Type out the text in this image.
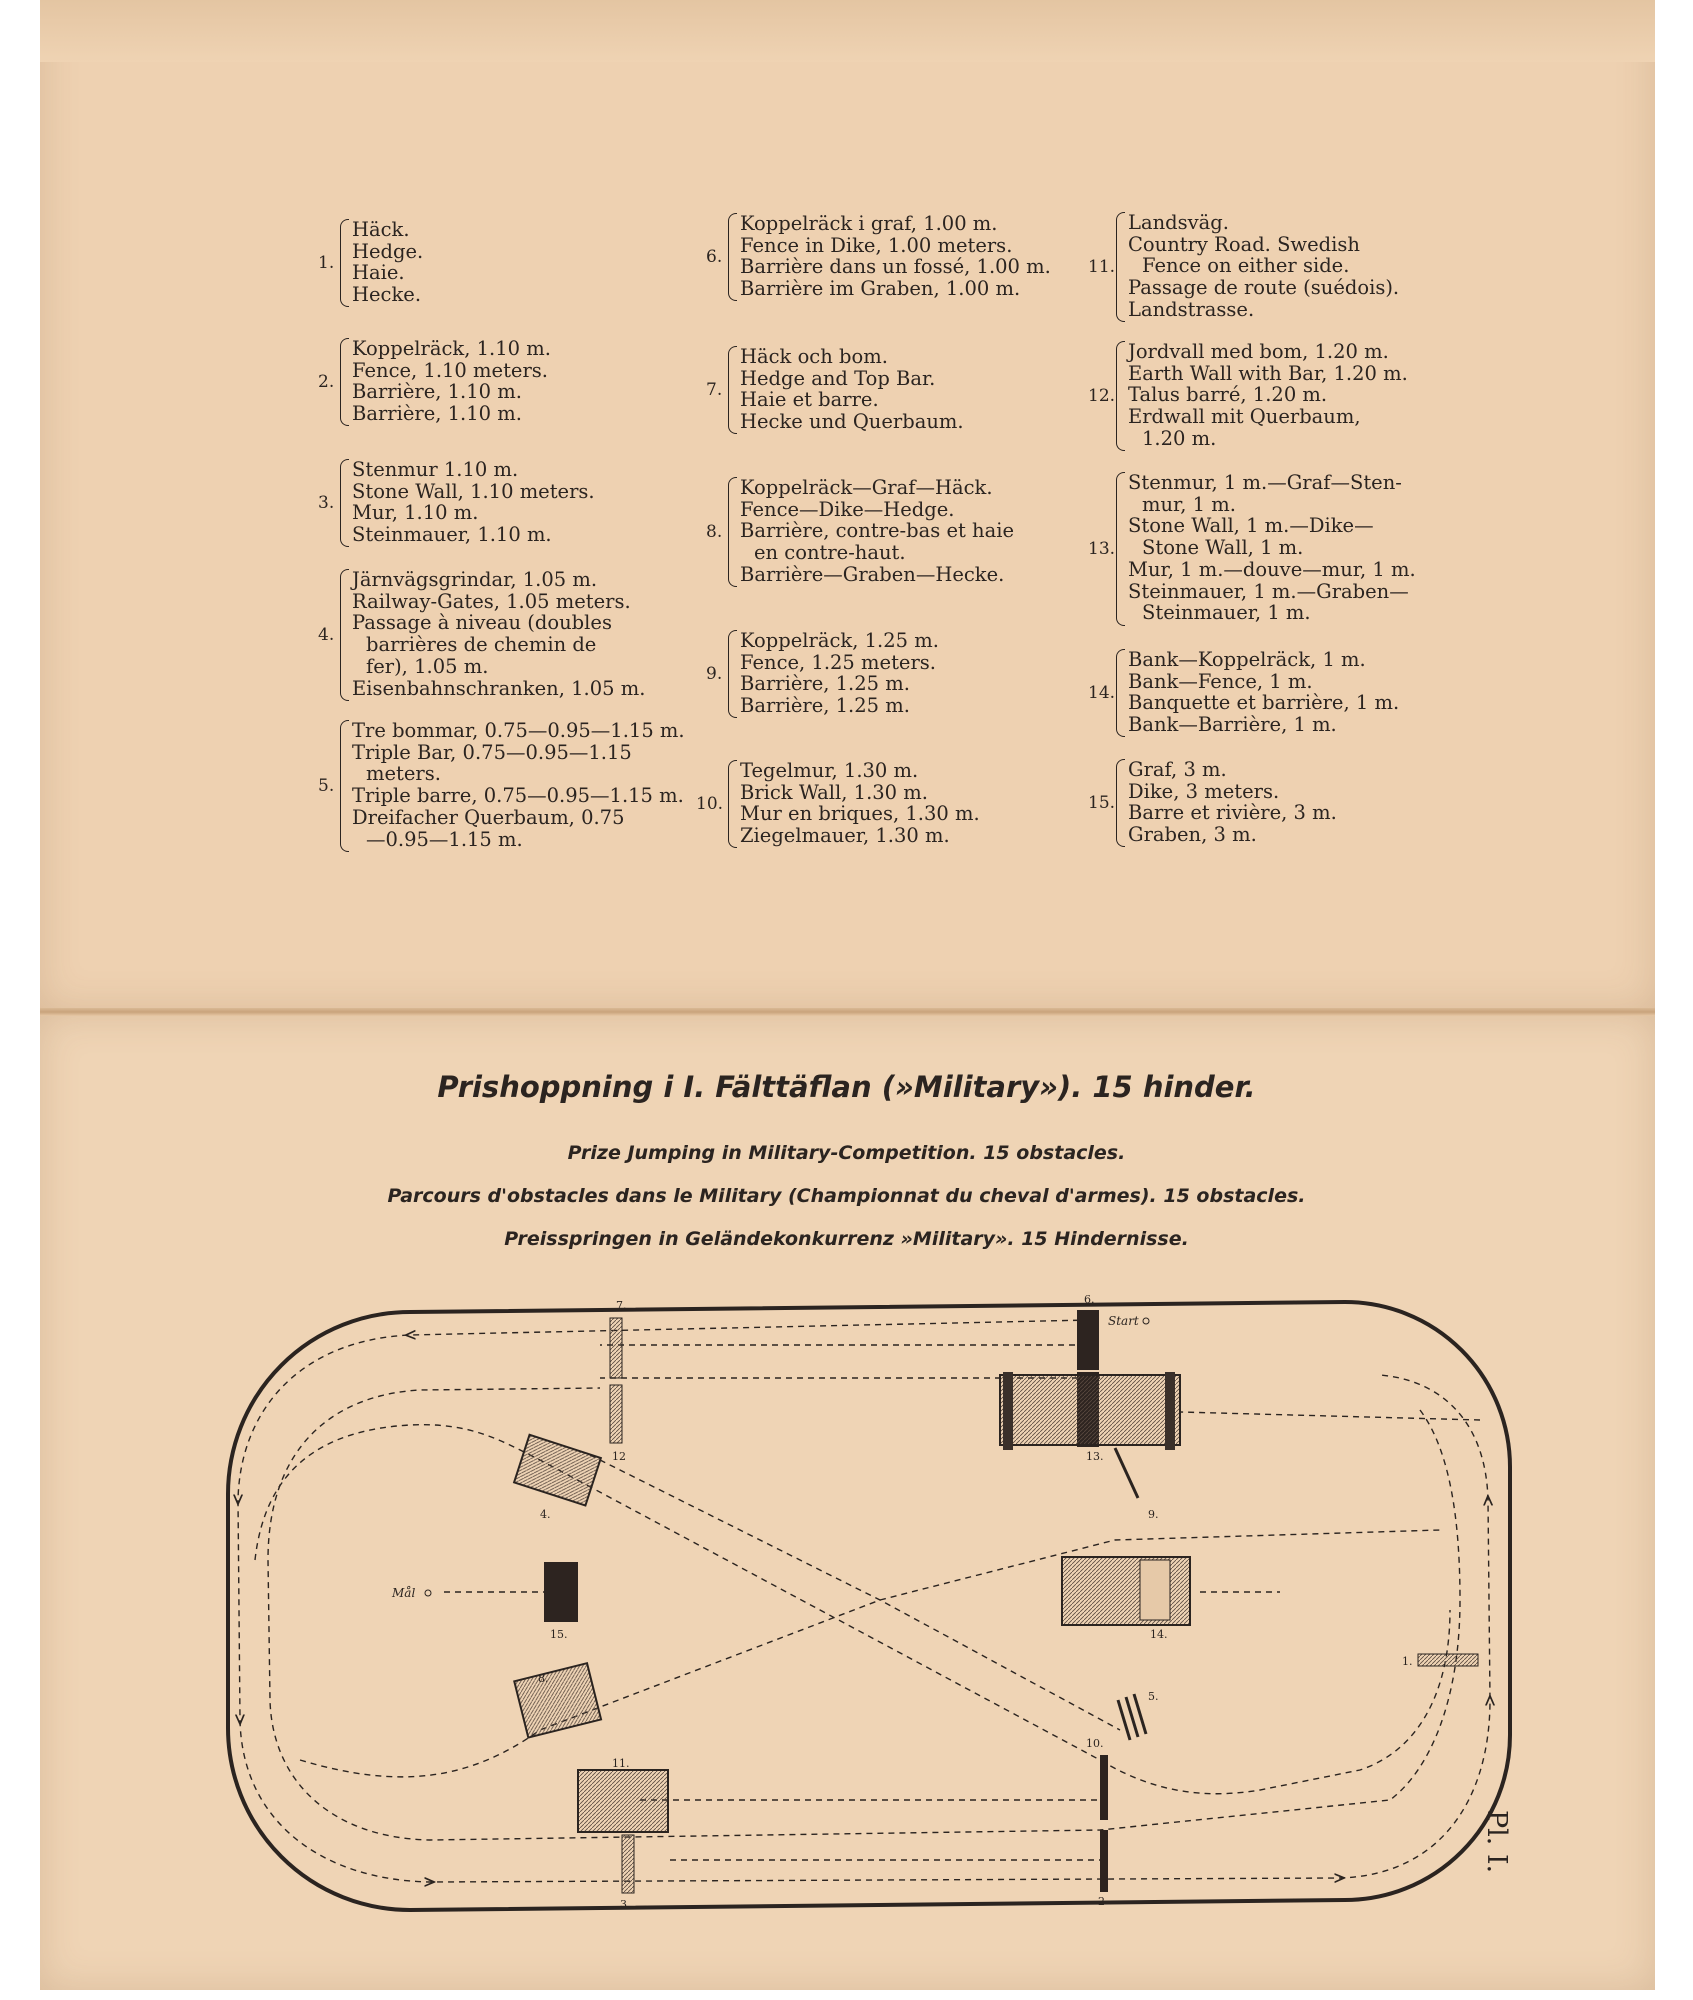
1.
Häck.
Hedge.
Haie.
Hecke.
2.
Koppelräck, 1.10 m.
Fence, 1.10 meters.
Barrière, 1.10 m.
Barrière, 1.10 m.
3.
Stenmur 1.10 m.
Stone Wall, 1.10 meters.
Mur, 1.10 m.
Steinmauer, 1.10 m.
4.
Järnvägsgrindar, 1.05 m.
Railway-Gates, 1.05 meters.
Passage à niveau (doubles
barrières de chemin de
fer), 1.05 m.
Eisenbahnschranken, 1.05 m.
5.
Tre bommar, 0.75—0.95—1.15 m.
Triple Bar, 0.75—0.95—1.15
meters.
Triple barre, 0.75—0.95—1.15 m.
Dreifacher Querbaum, 0.75
—0.95—1.15 m.
6.
Koppelräck i graf, 1.00 m.
Fence in Dike, 1.00 meters.
Barrière dans un fossé, 1.00 m.
Barrière im Graben, 1.00 m.
7.
Häck och bom.
Hedge and Top Bar.
Haie et barre.
Hecke und Querbaum.
8.
Koppelräck—Graf—Häck.
Fence—Dike—Hedge.
Barrière, contre-bas et haie
en contre-haut.
Barrière—Graben—Hecke.
9.
Koppelräck, 1.25 m.
Fence, 1.25 meters.
Barrière, 1.25 m.
Barrière, 1.25 m.
10.
Tegelmur, 1.30 m.
Brick Wall, 1.30 m.
Mur en briques, 1.30 m.
Ziegelmauer, 1.30 m.
11.
Landsväg.
Country Road. Swedish
Fence on either side.
Passage de route (suédois).
Landstrasse.
12.
Jordvall med bom, 1.20 m.
Earth Wall with Bar, 1.20 m.
Talus barré, 1.20 m.
Erdwall mit Querbaum,
1.20 m.
13.
Stenmur, 1 m.—Graf—Sten-
mur, 1 m.
Stone Wall, 1 m.—Dike—
Stone Wall, 1 m.
Mur, 1 m.—douve—mur, 1 m.
Steinmauer, 1 m.—Graben—
Steinmauer, 1 m.
14.
Bank—Koppelräck, 1 m.
Bank—Fence, 1 m.
Banquette et barrière, 1 m.
Bank—Barrière, 1 m.
15.
Graf, 3 m.
Dike, 3 meters.
Barre et rivière, 3 m.
Graben, 3 m.
Prishoppning i I. Fälttäflan (»Military»). 15 hinder.
Prize Jumping in Military-Competition. 15 obstacles.
Parcours d'obstacles dans le Military (Championnat du cheval d'armes). 15 obstacles.
Preisspringen in Geländekonkurrenz »Military». 15 Hindernisse.
7.
12
6.
13.
4.	9.
15.	14.
1.
5.
10.
8.
11.
3	2
Start
Mål
Pl. I.
